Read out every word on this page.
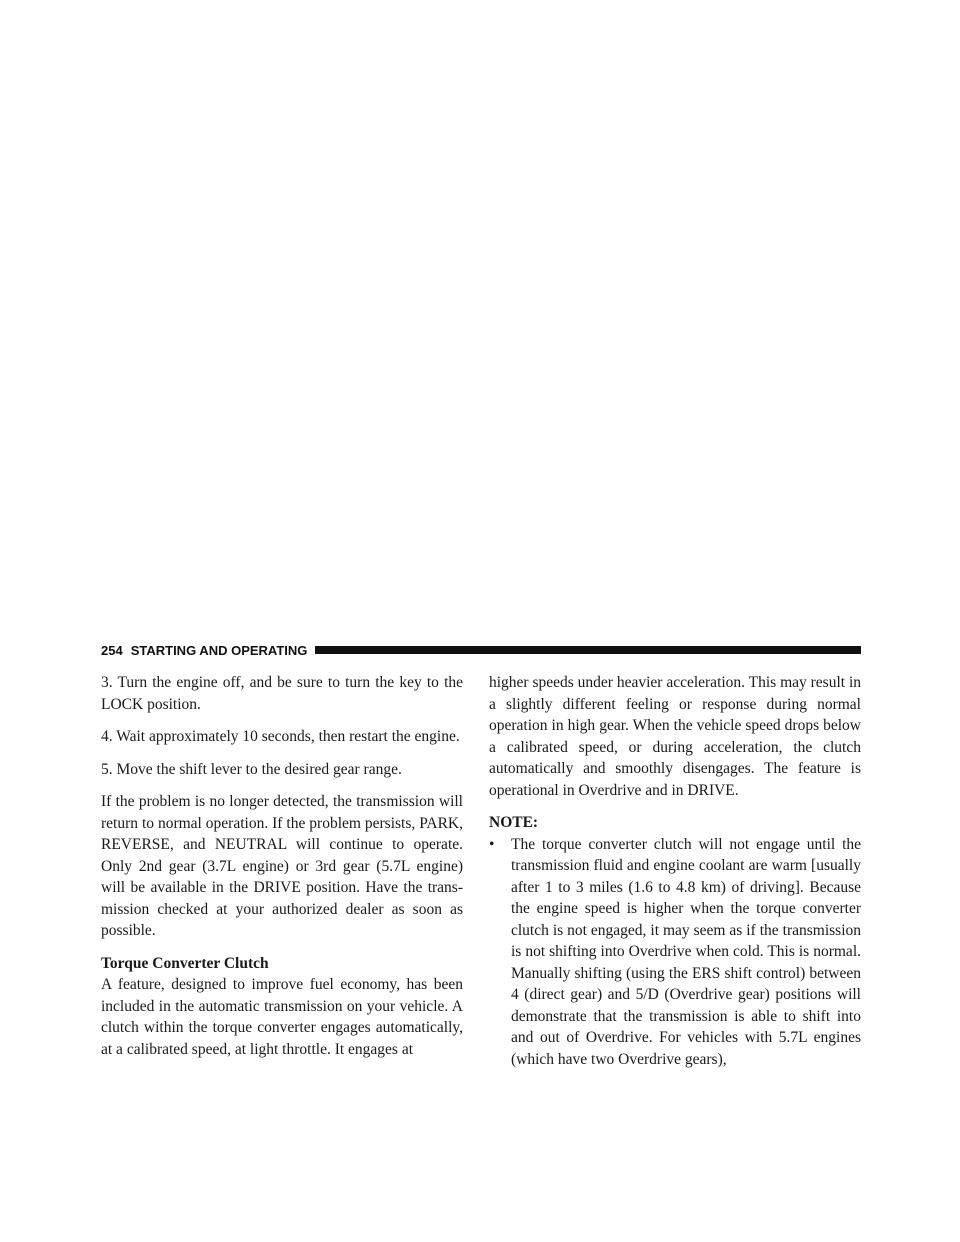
254 STARTING AND OPERATING

3. Turn the engine off, and be sure to turn the key to the LOCK position.

4. Wait approximately 10 seconds, then restart the engine.

5. Move the shift lever to the desired gear range.

If the problem is no longer detected, the transmission will return to normal operation. If the problem persists, PARK, REVERSE, and NEUTRAL will continue to operate. Only 2nd gear (3.7L engine) or 3rd gear (5.7L engine) will be available in the DRIVE position. Have the transmission checked at your authorized dealer as soon as possible.

Torque Converter Clutch

A feature, designed to improve fuel economy, has been included in the automatic transmission on your vehicle. A clutch within the torque converter engages automatically, at a calibrated speed, at light throttle. It engages at

higher speeds under heavier acceleration. This may result in a slightly different feeling or response during normal operation in high gear. When the vehicle speed drops below a calibrated speed, or during acceleration, the clutch automatically and smoothly disengages. The feature is operational in Overdrive and in DRIVE.

NOTE:
•	The torque converter clutch will not engage until the transmission fluid and engine coolant are warm [usually after 1 to 3 miles (1.6 to 4.8 km) of driving]. Because the engine speed is higher when the torque converter clutch is not engaged, it may seem as if the transmission is not shifting into Overdrive when cold. This is normal. Manually shifting (using the ERS shift control) between 4 (direct gear) and 5/D (Overdrive gear) positions will demonstrate that the transmission is able to shift into and out of Overdrive. For vehicles with 5.7L engines (which have two Overdrive gears),
